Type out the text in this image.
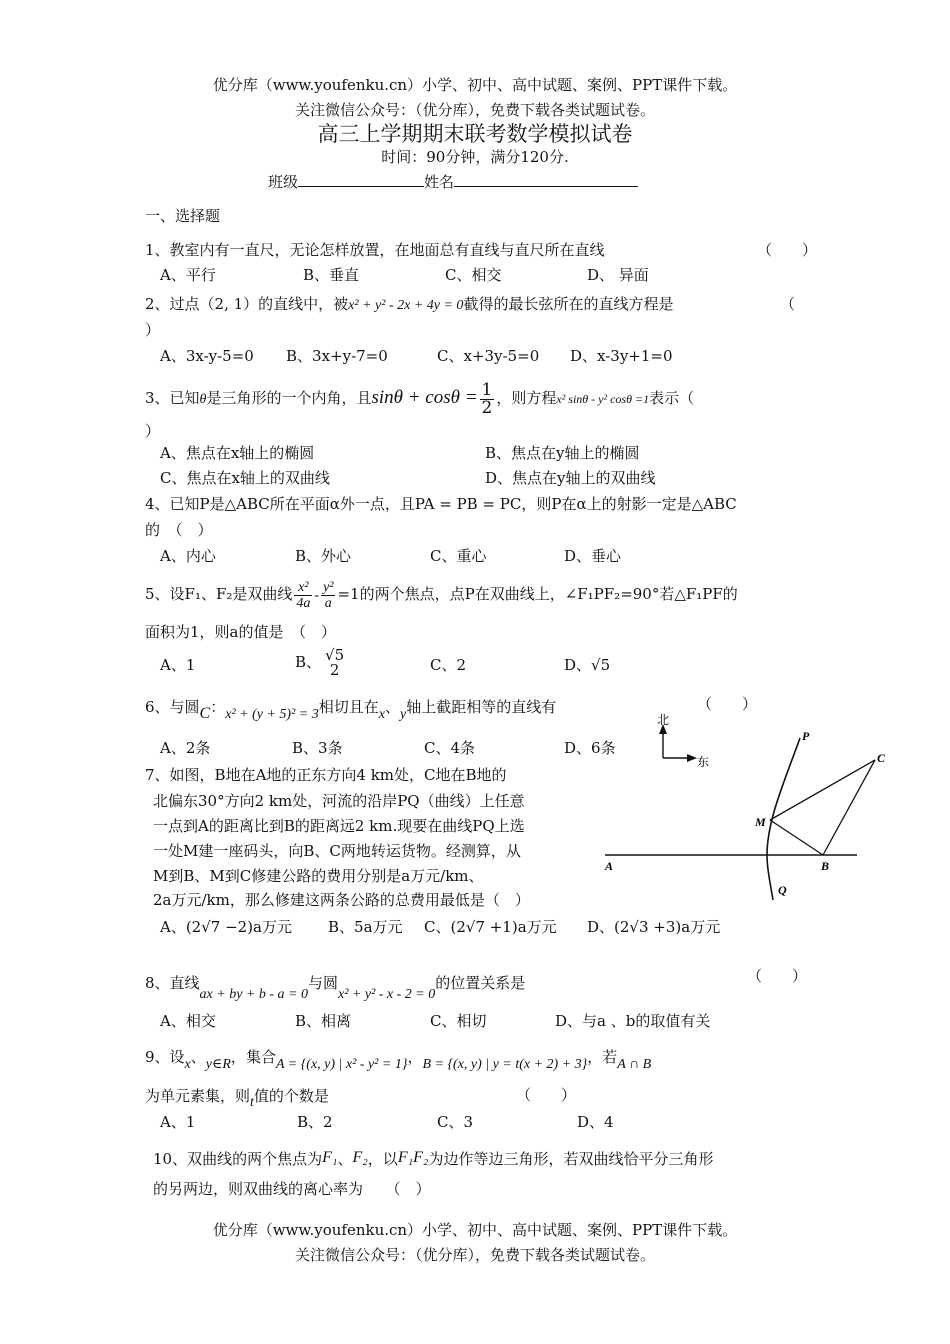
优分库（www.youfenku.cn）小学、初中、高中试题、案例、PPT课件下载。
关注微信公众号：（优分库），免费下载各类试题试卷。
高三上学期期末联考数学模拟试卷
时间：90分钟，满分120分.
班级	姓名
一、选择题
1、教室内有一直尺，无论怎样放置，在地面总有直线与直尺所在直线	（　　）
A、平行	B、垂直	C、相交	D、 异面
2、过点（2, 1）的直线中，被x² + y² - 2x + 4y = 0截得的最长弦所在的直线方程是	（
）
A、3x-y-5=0 B、3x+y-7=0	C、x+3y-5=0 D、x-3y+1=0
3、已知θ是三角形的一个内角，且$\sin\theta + \cos\theta = \frac{1}{2}$ ，则方程x² sinθ - y² cosθ =1表示（
）
A、焦点在x轴上的椭圆	B、焦点在y轴上的椭圆
C、焦点在x轴上的双曲线	D、焦点在y轴上的双曲线
4、已知P是△ABC所在平面α外一点，且PA = PB = PC，则P在α上的射影一定是△ABC
的　（　）
A、内心	B、外心	C、重心	D、垂心
5、设F₁、F₂是双曲线 $\frac{\text{x²}}{4a} - \frac{\text{y²}}{a} =1$的两个焦点，点P在双曲线上，∠F₁PF₂=90°若△F₁PF的
面积为1，则a的值是　（　）
A、1	B、 √5
2	C、2	D、√5
6、与圆C：x² + (y + 5)² = 3相切且在x、y轴上截距相等的直线有	（　　）
A、2条	B、3条	C、4条	D、6条
7、如图，B地在A地的正东方向4 km处，C地在B地的
北偏东30°方向2 km处，河流的沿岸PQ（曲线）上任意
一点到A的距离比到B的距离远2 km.现要在曲线PQ上选
一处M建一座码头，向B、C两地转运货物。经测算，从
M到B、M到C修建公路的费用分别是a万元/km、
2a万元/km，那么修建这两条公路的总费用最低是（　）
A、(2√7 −2)a万元 B、5a万元 C、(2√7 +1)a万元 D、(2√3 +3)a万元
北
东
P
C
M
A	B
Q
8、直线ax + by + b - a = 0与圆x² + y² - x - 2 = 0的位置关系是	（　　）
A、相交	B、相离	C、相切	D、与a 、b的取值有关
9、设x、y∈R，集合A = {(x, y) | x² - y² = 1}，B = {(x, y) | y = t(x + 2) + 3}，若A ∩ B
为单元素集，则t值的个数是	（　　）
A、1	B、2	C、3	D、4
10、双曲线的两个焦点为F₁、F₂，以F₁F₂为边作等边三角形，若双曲线恰平分三角形
的另两边，则双曲线的离心率为　　（　）
优分库（www.youfenku.cn）小学、初中、高中试题、案例、PPT课件下载。
关注微信公众号：（优分库），免费下载各类试题试卷。
